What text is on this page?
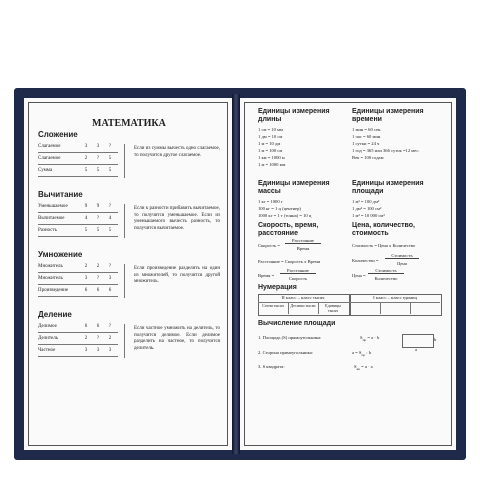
МАТЕМАТИКА
Сложение
Слагаемое	3	3	?
Слагаемое	2	?	5
Сумма	5	5	5
Если из суммы вычесть одно слагаемое, то получится другое слагаемое.
Вычитание
Уменьшаемое	9	9	?
Вычитаемое	4	?	4
Разность	5	5	5
Если к разности прибавить вычитаемое, то получится уменьшаемое. Если из уменьшаемого вычесть разность, то получится вычитаемое.
Умножение
Множитель	2	2	?
Множитель	3	?	3
Произведение	6	6	6
Если произведение разделить на один из множителей, то получится другой множитель.
Деление
Делимое	6	6	?
Делитель	2	?	2
Частное	3	3	3
Если частное умножить на делитель, то получится делимое. Если делимое разделить на частное, то получится делитель.
Единицы измерения длины
1 см = 10 мм
1 дм = 10 см
1 м = 10 дм
1 м = 100 см
1 км = 1000 м
1 м = 1000 мм
Единицы измерения времени
1 мин = 60 сек.
1 час = 60 мин
1 сутки = 24 ч
1 год = 365 или 366 суток =12 мес.
Век = 100 годам
Единицы измерения массы
1 кг = 1000 г
100 кг = 1 ц (центнер)
1000 кг = 1 т (тонна) = 10 ц
Единицы измерения площади
1 м² = 100 дм²
1 дм² = 100 см²
1 м² = 10 000 см²
Скорость, время, расстояние
Скорость =
Расстояние
Время
Расстояние = Скорость х Время
Время =
Расстояние
Скорость
Цена, количество, стоимость
Стоимость = Цена х Количество
Количество =
Стоимость
Цена
Цена =
Стоимость
Количество
Нумерация
II класс – класс тысяч	I класс – класс единиц
Сотни тысяч	Десятки тысяч	Единицы тысяч
Вычисление площади
1. Площадь (S) прямоугольника:	$S_{пр} = a \cdot b$
2. Сторона прямоугольника:	$a = S_{пр}$ : b
3. S квадрата:	$S_{кв} = a \cdot a$
b
a
